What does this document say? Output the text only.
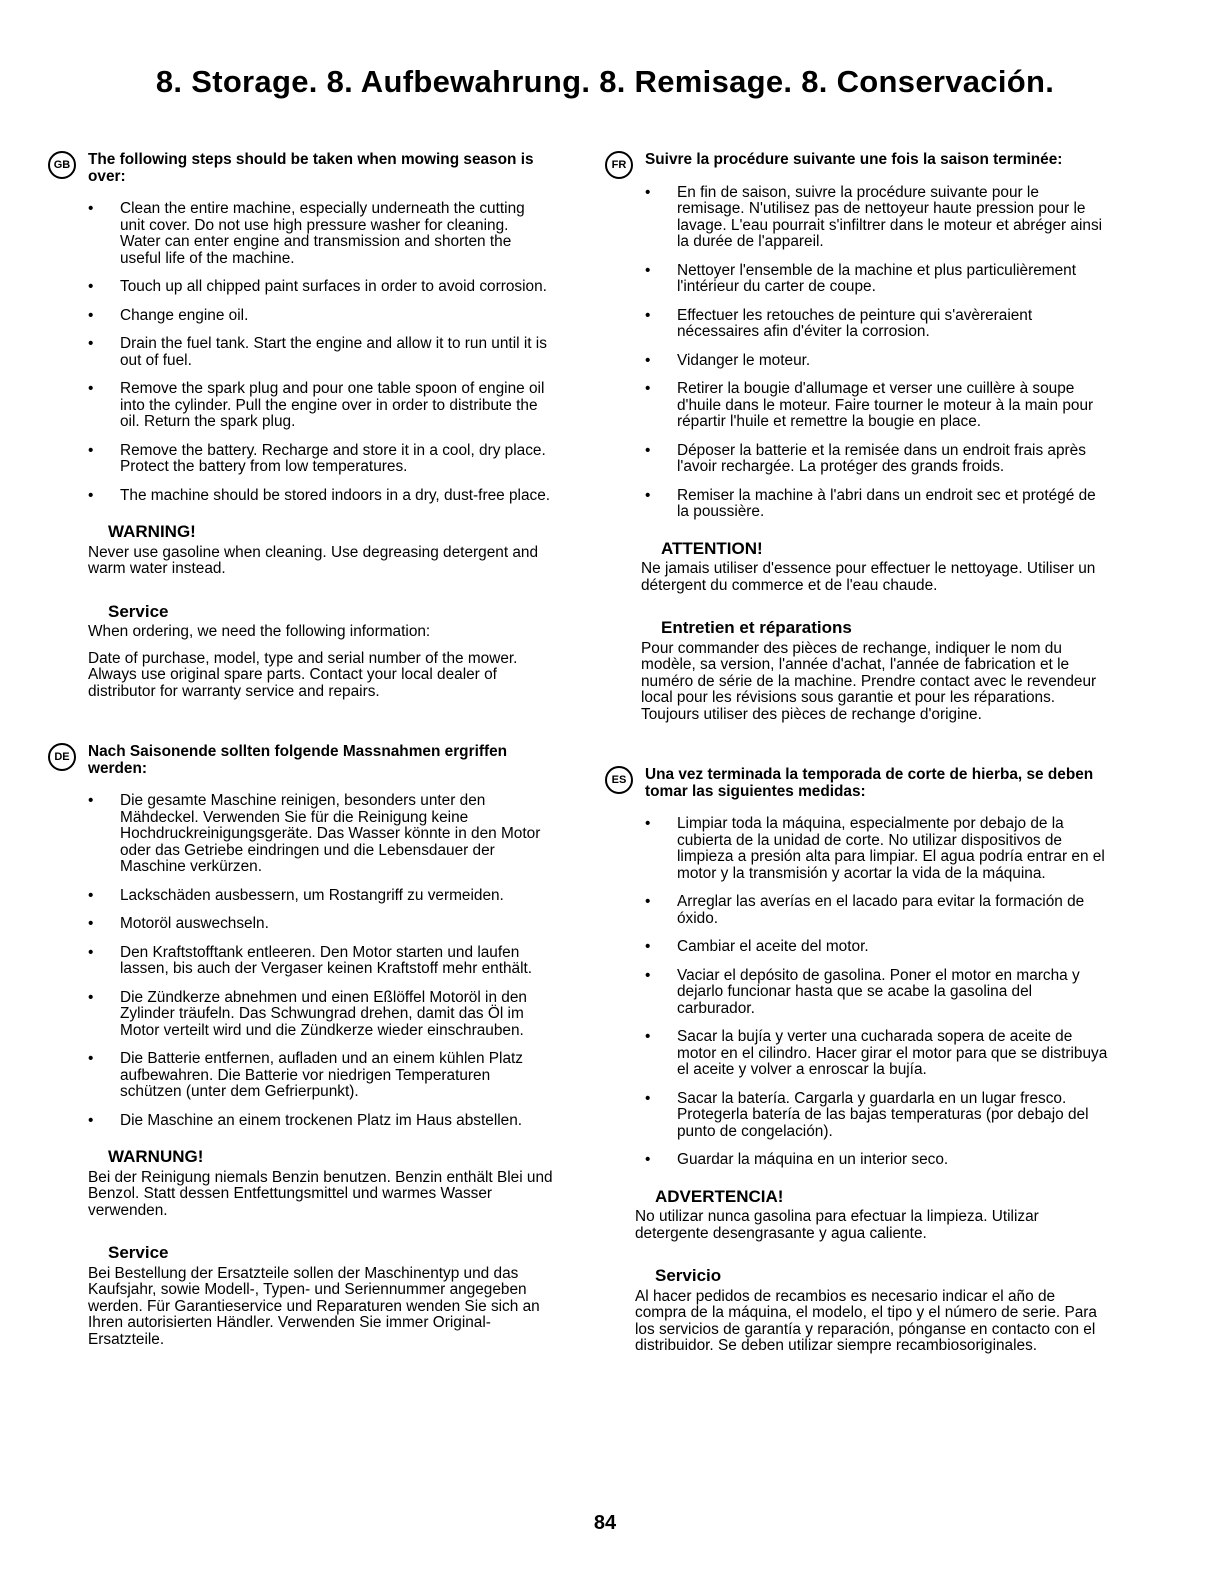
8. Storage. 8. Aufbewahrung. 8. Remisage. 8. Conservación.
GB	The following steps should be taken when mowing season is over:

• Clean the entire machine, especially underneath the cutting unit cover. Do not use high pressure washer for cleaning. Water can enter engine and transmission and shorten the useful life of the machine.
• Touch up all chipped paint surfaces in order to avoid corrosion.
• Change engine oil.
• Drain the fuel tank. Start the engine and allow it to run until it is out of fuel.
• Remove the spark plug and pour one table spoon of engine oil into the cylinder. Pull the engine over in order to distribute the oil. Return the spark plug.
• Remove the battery. Recharge and store it in a cool, dry place. Protect the battery from low temperatures.
• The machine should be stored indoors in a dry, dust-free place.
WARNING!

Never use gasoline when cleaning. Use degreasing detergent and warm water instead.

Service

When ordering, we need the following information:

Date of purchase, model, type and serial number of the mower. Always use original spare parts. Contact your local dealer of distributor for warranty service and repairs.

DE	Nach Saisonende sollten folgende Massnahmen ergriffen werden:

• Die gesamte Maschine reinigen, besonders unter den Mähdeckel. Verwenden Sie für die Reinigung keine Hochdruckreinigungsgeräte. Das Wasser könnte in den Motor oder das Getriebe eindringen und die Lebensdauer der Maschine verkürzen.
• Lackschäden ausbessern, um Rostangriff zu vermeiden.
• Motoröl auswechseln.
• Den Kraftstofftank entleeren. Den Motor starten und laufen lassen, bis auch der Vergaser keinen Kraftstoff mehr enthält.
• Die Zündkerze abnehmen und einen Eßlöffel Motoröl in den Zylinder träufeln. Das Schwungrad drehen, damit das Öl im Motor verteilt wird und die Zündkerze wieder einschrauben.
• Die Batterie entfernen, aufladen und an einem kühlen Platz aufbewahren. Die Batterie vor niedrigen Temperaturen schützen (unter dem Gefrierpunkt).
• Die Maschine an einem trockenen Platz im Haus abstellen.
WARNUNG!

Bei der Reinigung niemals Benzin benutzen. Benzin enthält Blei und Benzol. Statt dessen Entfettungsmittel und warmes Wasser verwenden.

Service

Bei Bestellung der Ersatzteile sollen der Maschinentyp und das Kaufsjahr, sowie Modell-, Typen- und Seriennummer angegeben werden. Für Garantieservice und Reparaturen wenden Sie sich an Ihren autorisierten Händler. Verwenden Sie immer Original-Ersatzteile.

FR	Suivre la procédure suivante une fois la saison terminée:

• En fin de saison, suivre la procédure suivante pour le remisage. N'utilisez pas de nettoyeur haute pression pour le lavage. L'eau pourrait s'infiltrer dans le moteur et abréger ainsi la durée de l'appareil.
• Nettoyer l'ensemble de la machine et plus particulièrement l'intérieur du carter de coupe.
• Effectuer les retouches de peinture qui s'avèreraient nécessaires afin d'éviter la corrosion.
• Vidanger le moteur.
• Retirer la bougie d'allumage et verser une cuillère à soupe d'huile dans le moteur. Faire tourner le moteur à la main pour répartir l'huile et remettre la bougie en place.
• Déposer la batterie et la remisée dans un endroit frais après l'avoir rechargée. La protéger des grands froids.
• Remiser la machine à l'abri dans un endroit sec et protégé de la poussière.
ATTENTION!

Ne jamais utiliser d'essence pour effectuer le nettoyage. Utiliser un détergent du commerce et de l'eau chaude.

Entretien et réparations

Pour commander des pièces de rechange, indiquer le nom du modèle, sa version, l'année d'achat, l'année de fabrication et le numéro de série de la machine. Prendre contact avec le revendeur local pour les révisions sous garantie et pour les réparations. Toujours utiliser des pièces de rechange d'origine.

ES	Una vez terminada la temporada de corte de hierba, se deben tomar las siguientes medidas:

• Limpiar toda la máquina, especialmente por debajo de la cubierta de la unidad de corte. No utilizar dispositivos de limpieza a presión alta para limpiar. El agua podría entrar en el motor y la transmisión y acortar la vida de la máquina.
• Arreglar las averías en el lacado para evitar la formación de óxido.
• Cambiar el aceite del motor.
• Vaciar el depósito de gasolina. Poner el motor en marcha y dejarlo funcionar hasta que se acabe la gasolina del carburador.
• Sacar la bujía y verter una cucharada sopera de aceite de motor en el cilindro. Hacer girar el motor para que se distribuya el aceite y volver a enroscar la bujía.
• Sacar la batería. Cargarla y guardarla en un lugar fresco. Protegerla batería de las bajas temperaturas (por debajo del punto de congelación).
• Guardar la máquina en un interior seco.
ADVERTENCIA!

No utilizar nunca gasolina para efectuar la limpieza. Utilizar detergente desengrasante y agua caliente.

Servicio

Al hacer pedidos de recambios es necesario indicar el año de compra de la máquina, el modelo, el tipo y el número de serie. Para los servicios de garantía y reparación, pónganse en contacto con el distribuidor. Se deben utilizar siempre recambiosoriginales.

84
